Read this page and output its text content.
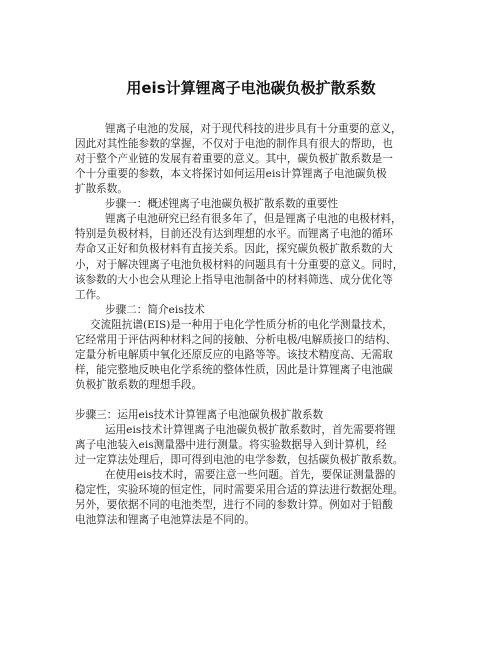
用eis计算锂离子电池碳负极扩散系数
锂离子电池的发展，对于现代科技的进步具有十分重要的意义，
因此对其性能参数的掌握，不仅对于电池的制作具有很大的帮助，也
对于整个产业链的发展有着重要的意义。其中，碳负极扩散系数是一
个十分重要的参数，本文将探讨如何运用eis计算锂离子电池碳负极
扩散系数。
步骤一：概述锂离子电池碳负极扩散系数的重要性
锂离子电池研究已经有很多年了，但是锂离子电池的电极材料，
特别是负极材料，目前还没有达到理想的水平。而锂离子电池的循环
寿命又正好和负极材料有直接关系。因此，探究碳负极扩散系数的大
小，对于解决锂离子电池负极材料的问题具有十分重要的意义。同时，
该参数的大小也会从理论上指导电池制备中的材料筛选、成分优化等
工作。
步骤二：简介eis技术
交流阻抗谱(EIS)是一种用于电化学性质分析的电化学测量技术，
它经常用于评估两种材料之间的接触、分析电极/电解质接口的结构、
定量分析电解质中氧化还原反应的电路等等。该技术精度高、无需取
样，能完整地反映电化学系统的整体性质，因此是计算锂离子电池碳
负极扩散系数的理想手段。
步骤三：运用eis技术计算锂离子电池碳负极扩散系数
运用eis技术计算锂离子电池碳负极扩散系数时，首先需要将锂
离子电池装入eis测量器中进行测量。将实验数据导入到计算机，经
过一定算法处理后，即可得到电池的电学参数，包括碳负极扩散系数。
在使用eis技术时，需要注意一些问题。首先，要保证测量器的
稳定性，实验环境的恒定性，同时需要采用合适的算法进行数据处理。
另外，要依据不同的电池类型，进行不同的参数计算。例如对于铅酸
电池算法和锂离子电池算法是不同的。
